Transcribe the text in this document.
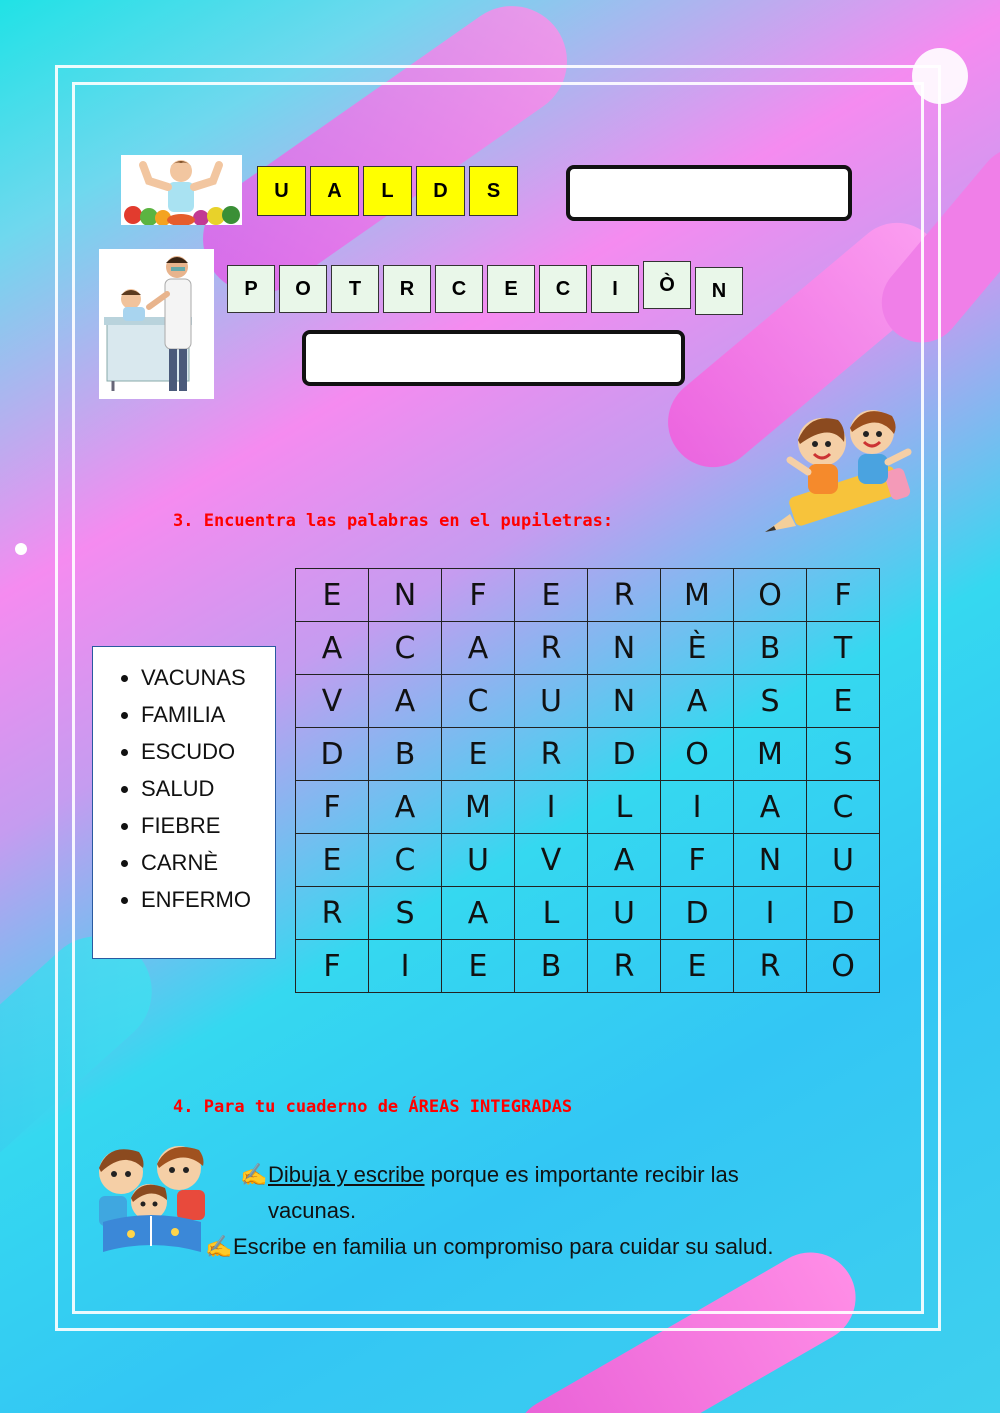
U	A	L	D	S
P	O	T	R	C	E	C	I	Ò	N
3. Encuentra las palabras en el pupiletras:
• VACUNAS
• FAMILIA
• ESCUDO
• SALUD
• FIEBRE
• CARNÈ
• ENFERMO
E	N	F	E	R	M	O	F
A	C	A	R	N	È	B	T
V	A	C	U	N	A	S	E
D	B	E	R	D	O	M	S
F	A	M	I	L	I	A	C
E	C	U	V	A	F	N	U
R	S	A	L	U	D	I	D
F	I	E	B	R	E	R	O
4. Para tu cuaderno de ÁREAS INTEGRADAS
✍Dibuja y escribe porque es importante recibir las
vacunas.
✍Escribe en familia un compromiso para cuidar su salud.
